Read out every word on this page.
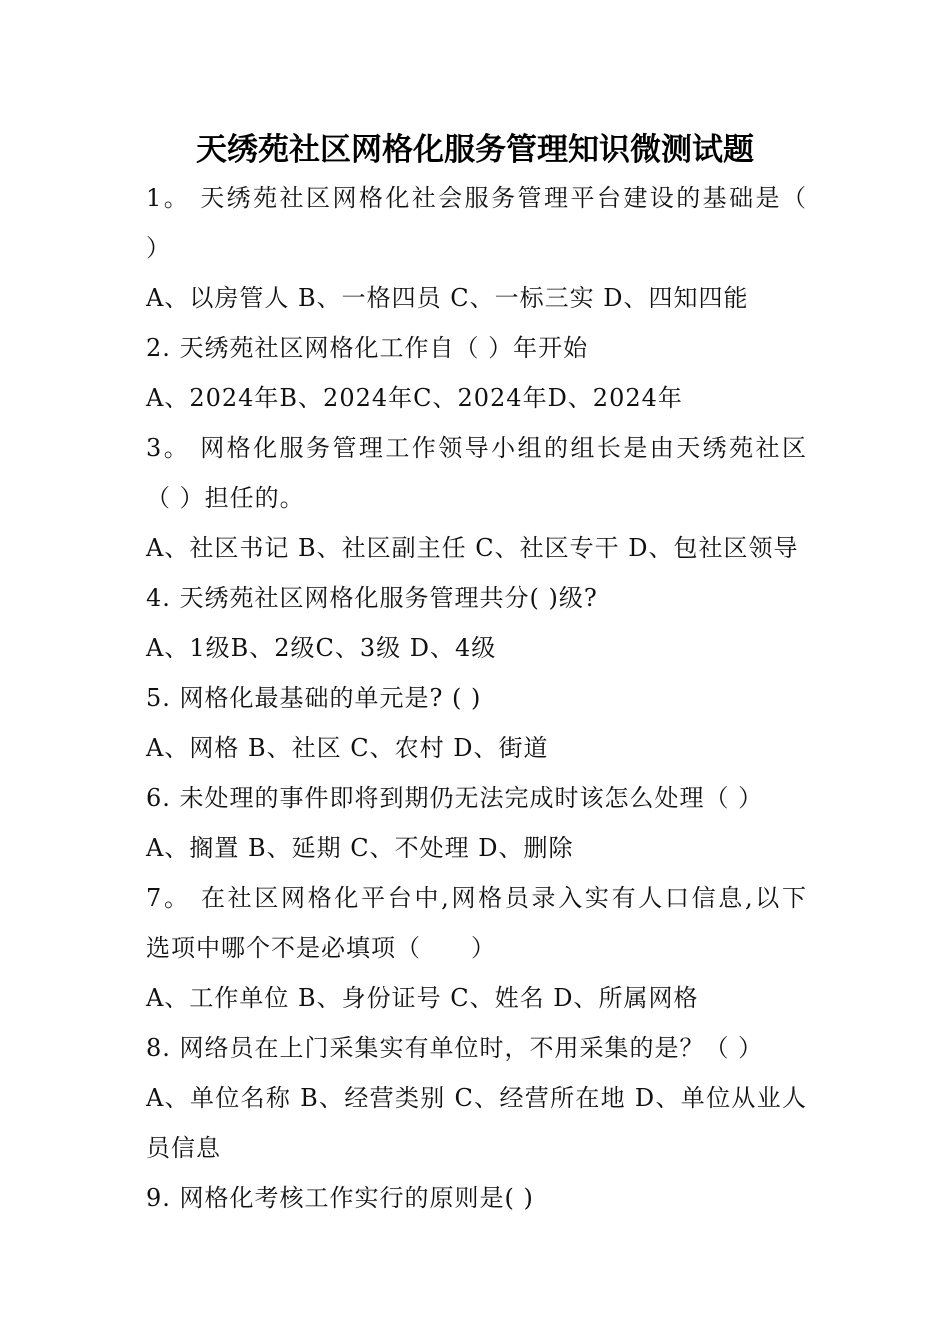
天绣苑社区网格化服务管理知识微测试题
1。 天绣苑社区网格化社会服务管理平台建设的基础是（
）
A、以房管人 B、一格四员 C、一标三实 D、四知四能
2. 天绣苑社区网格化工作自（ ）年开始
A、2024年B、2024年C、2024年D、2024年
3。 网格化服务管理工作领导小组的组长是由天绣苑社区
（ ）担任的。
A、社区书记 B、社区副主任 C、社区专干 D、包社区领导
4. 天绣苑社区网格化服务管理共分( )级?
A、1级B、2级C、3级 D、4级
5. 网格化最基础的单元是? ( )
A、网格 B、社区 C、农村 D、街道
6. 未处理的事件即将到期仍无法完成时该怎么处理（ ）
A、搁置 B、延期 C、不处理 D、删除
7。 在社区网格化平台中,网格员录入实有人口信息,以下
选项中哪个不是必填项（　　）
A、工作单位 B、身份证号 C、姓名 D、所属网格
8. 网络员在上门采集实有单位时，不用采集的是？（ ）
A、单位名称 B、经营类别 C、经营所在地 D、单位从业人
员信息
9. 网格化考核工作实行的原则是( )
